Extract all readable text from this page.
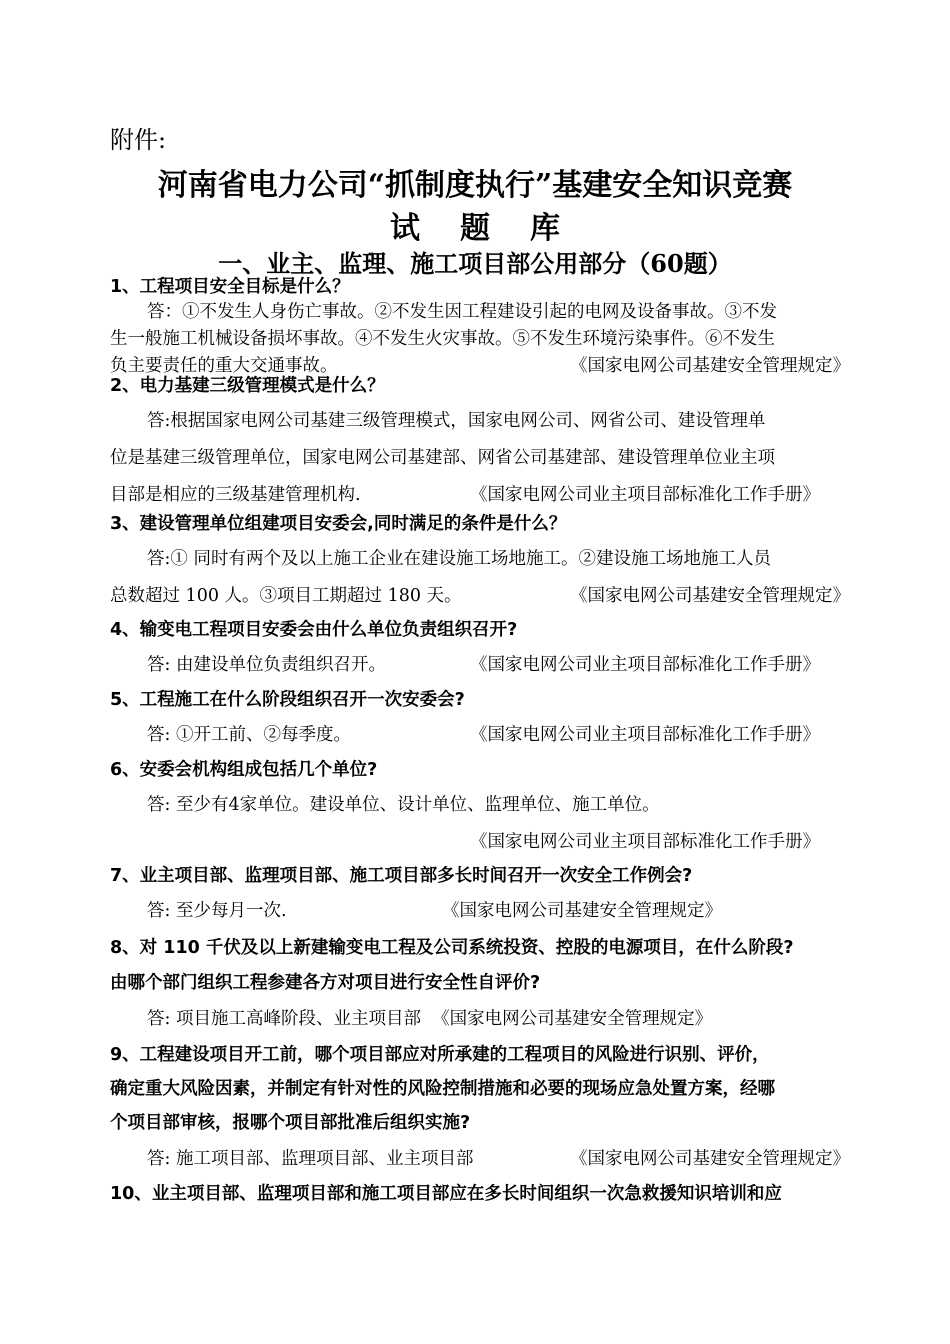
附件:
河南省电力公司“抓制度执行”基建安全知识竞赛
试 题 库
一、业主、监理、施工项目部公用部分（60题）
1、工程项目安全目标是什么？
答：①不发生人身伤亡事故。②不发生因工程建设引起的电网及设备事故。③不发
生一般施工机械设备损坏事故。④不发生火灾事故。⑤不发生环境污染事件。⑥不发生
负主要责任的重大交通事故。	《国家电网公司基建安全管理规定》
2、电力基建三级管理模式是什么？
答:根据国家电网公司基建三级管理模式，国家电网公司、网省公司、建设管理单
位是基建三级管理单位，国家电网公司基建部、网省公司基建部、建设管理单位业主项
目部是相应的三级基建管理机构.	《国家电网公司业主项目部标准化工作手册》
3、建设管理单位组建项目安委会,同时满足的条件是什么？
答:① 同时有两个及以上施工企业在建设施工场地施工。②建设施工场地施工人员
总数超过 100 人。③项目工期超过 180 天。	《国家电网公司基建安全管理规定》
4、输变电工程项目安委会由什么单位负责组织召开?
答: 由建设单位负责组织召开。	《国家电网公司业主项目部标准化工作手册》
5、工程施工在什么阶段组织召开一次安委会?
答: ①开工前、②每季度。	《国家电网公司业主项目部标准化工作手册》
6、安委会机构组成包括几个单位?
答: 至少有4家单位。建设单位、设计单位、监理单位、施工单位。

《国家电网公司业主项目部标准化工作手册》
7、业主项目部、监理项目部、施工项目部多长时间召开一次安全工作例会?
答: 至少每月一次.	《国家电网公司基建安全管理规定》
8、对 110 千伏及以上新建输变电工程及公司系统投资、控股的电源项目，在什么阶段?
由哪个部门组织工程参建各方对项目进行安全性自评价?
答: 项目施工高峰阶段、业主项目部 《国家电网公司基建安全管理规定》
9、工程建设项目开工前，哪个项目部应对所承建的工程项目的风险进行识别、评价，
确定重大风险因素，并制定有针对性的风险控制措施和必要的现场应急处置方案，经哪
个项目部审核，报哪个项目部批准后组织实施?
答: 施工项目部、监理项目部、业主项目部	《国家电网公司基建安全管理规定》
10、业主项目部、监理项目部和施工项目部应在多长时间组织一次急救援知识培训和应
